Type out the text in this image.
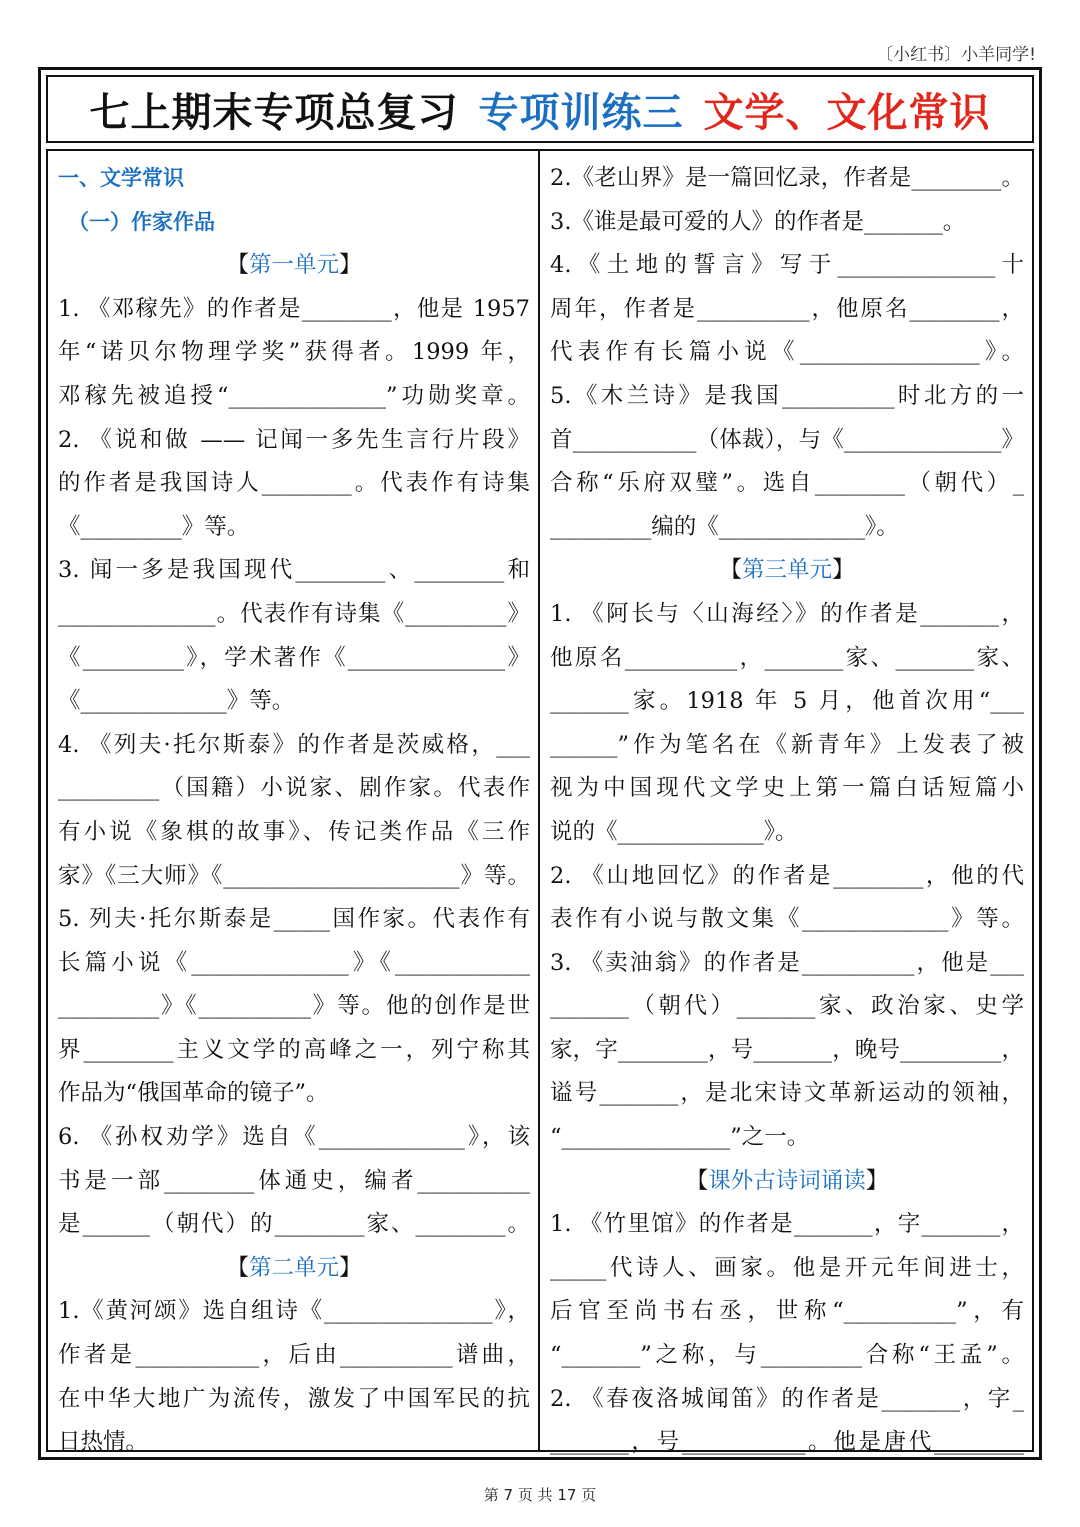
〔小红书〕小羊同学!
七上期末专项总复习 专项训练三 文学、文化常识
一、文学常识
（一）作家作品
【第一单元】
1. 《邓稼先》的作者是________，他是 1957
年“诺贝尔物理学奖”获得者。1999 年，
邓稼先被追授“______________”功勋奖章。
2. 《说和做 —— 记闻一多先生言行片段》
的作者是我国诗人________。代表作有诗集
《_________》等。
3. 闻一多是我国现代________、________和
______________。代表作有诗集《_________》
《_________》，学术著作《______________》
《_____________》等。
4. 《列夫·托尔斯泰》的作者是茨威格，___
_________（国籍）小说家、剧作家。代表作
有小说《象棋的故事》、传记类作品《三作
家》《三大师》《_____________________》等。
5. 列夫·托尔斯泰是_____国作家。代表作有
长篇小说《______________》《____________
_________》《__________》等。他的创作是世
界________主义文学的高峰之一，列宁称其
作品为“俄国革命的镜子”。
6. 《孙权劝学》选自《_____________》，该
书是一部________体通史，编者__________
是______（朝代）的________家、________。
【第二单元】
1.《黄河颂》选自组诗《_______________》，
作者是___________，后由__________谱曲，
在中华大地广为流传，激发了中国军民的抗
日热情。
2.《老山界》是一篇回忆录，作者是________。
3.《谁是最可爱的人》的作者是_______。
4.《土地的誓言》写于______________十
周年，作者是__________，他原名________，
代表作有长篇小说《________________》。
5.《木兰诗》是我国__________时北方的一
首___________（体裁），与《______________》
合称“乐府双璧”。选自________（朝代）_
_________编的《_____________》。
【第三单元】
1. 《阿长与〈山海经〉》的作者是_______，
他原名__________，_______家、_______家、
_______家。1918 年 5 月，他首次用“___
______”作为笔名在《新青年》上发表了被
视为中国现代文学史上第一篇白话短篇小
说的《_____________》。
2. 《山地回忆》的作者是________，他的代
表作有小说与散文集《_____________》等。
3. 《卖油翁》的作者是__________，他是___
_______（朝代）_______家、政治家、史学
家，字________，号_______，晚号_________，
谥号_______，是北宋诗文革新运动的领袖，
“_______________”之一。
【课外古诗词诵读】
1. 《竹里馆》的作者是_______，字_______，
_____代诗人、画家。他是开元年间进士，
后官至尚书右丞，世称“__________”，有
“_______”之称，与_________合称“王孟”。
2. 《春夜洛城闻笛》的作者是_______，字_
_______，号___________。他是唐代________
第 7 页 共 17 页
